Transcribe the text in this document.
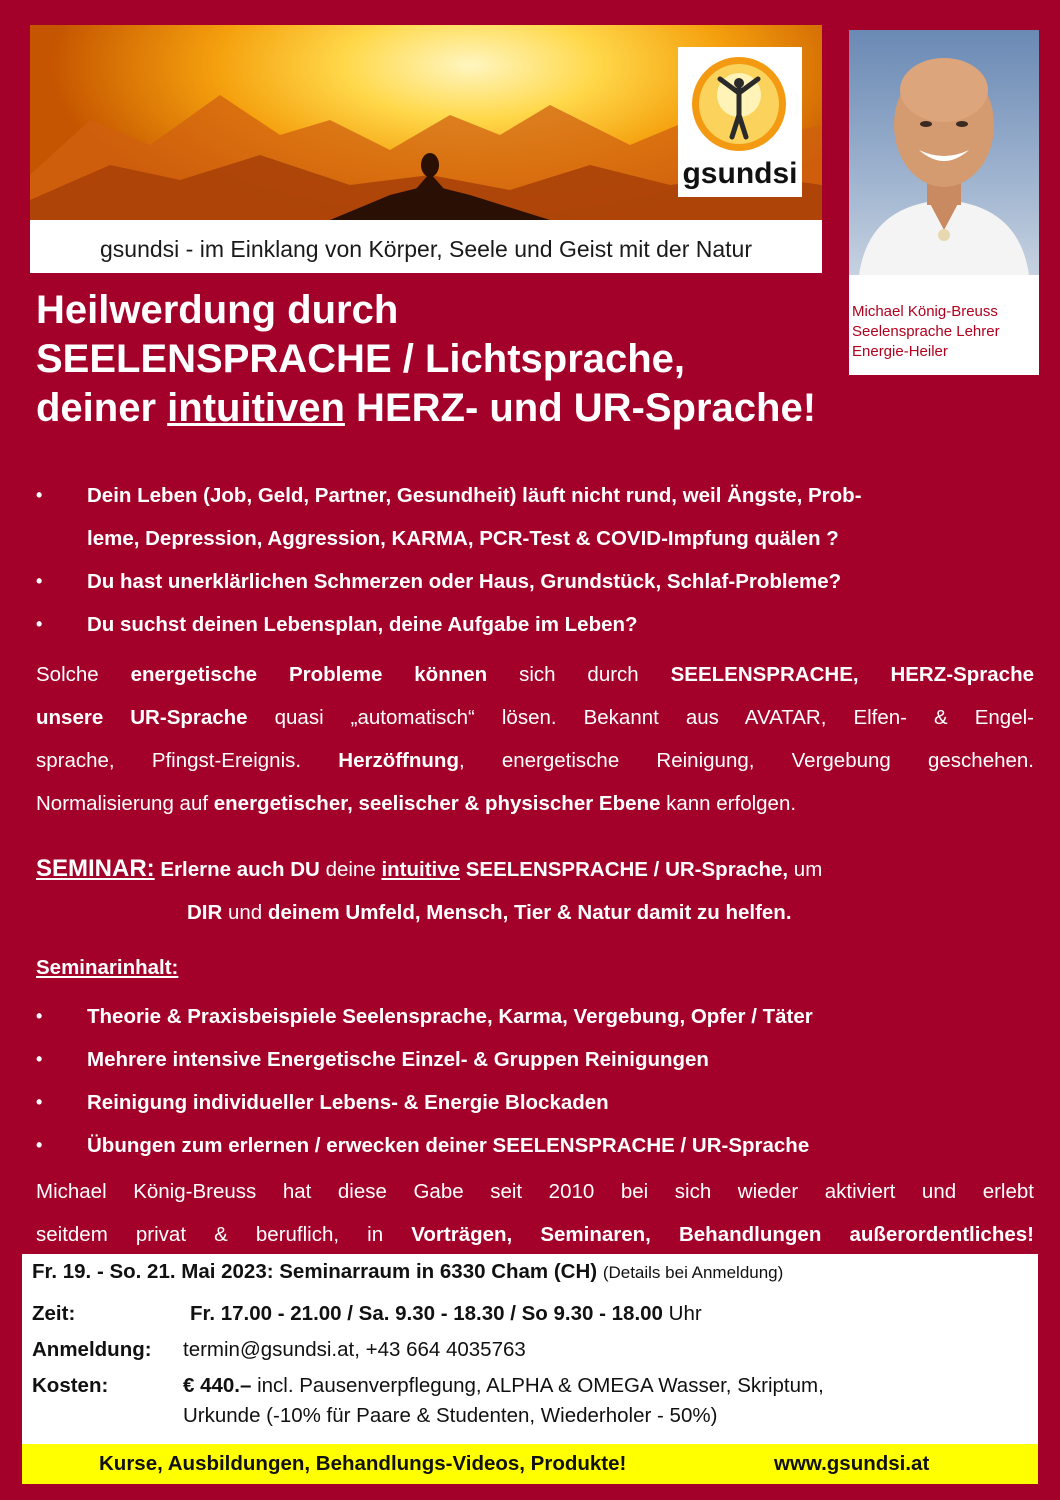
gsundsi
gsundsi - im Einklang von Körper, Seele und Geist mit der Natur
Michael König-Breuss
Seelensprache Lehrer
Energie-Heiler
Heilwerdung durch
SEELENSPRACHE / Lichtsprache,
deiner intuitiven HERZ- und UR-Sprache!
• Dein Leben (Job, Geld, Partner, Gesundheit) läuft nicht rund, weil Ängste, Prob-
leme, Depression, Aggression, KARMA, PCR-Test & COVID-Impfung quälen ?
• Du hast unerklärlichen Schmerzen oder Haus, Grundstück, Schlaf-Probleme?
• Du suchst deinen Lebensplan, deine Aufgabe im Leben?
Solche energetische Probleme können sich durch SEELENSPRACHE, HERZ-Sprache
unsere UR-Sprache quasi „automatisch“ lösen. Bekannt aus AVATAR, Elfen- & Engel-
sprache, Pfingst-Ereignis. Herzöffnung, energetische Reinigung, Vergebung geschehen.
Normalisierung auf energetischer, seelischer & physischer Ebene kann erfolgen.
SEMINAR: Erlerne auch DU deine intuitive SEELENSPRACHE / UR-Sprache, um
DIR und deinem Umfeld, Mensch, Tier & Natur damit zu helfen.
Seminarinhalt:
• Theorie & Praxisbeispiele Seelensprache, Karma, Vergebung, Opfer / Täter
• Mehrere intensive Energetische Einzel- & Gruppen Reinigungen
• Reinigung individueller Lebens- & Energie Blockaden
• Übungen zum erlernen / erwecken deiner SEELENSPRACHE / UR-Sprache
Michael König-Breuss hat diese Gabe seit 2010 bei sich wieder aktiviert und erlebt
seitdem privat & beruflich, in Vorträgen, Seminaren, Behandlungen außerordentliches!
Fr. 19. - So. 21. Mai 2023: Seminarraum in 6330 Cham (CH) (Details bei Anmeldung)
Zeit:	Fr. 17.00 - 21.00 / Sa. 9.30 - 18.30 / So 9.30 - 18.00 Uhr
Anmeldung: termin@gsundsi.at, +43 664 4035763
Kosten:	€ 440.– incl. Pausenverpflegung, ALPHA & OMEGA Wasser, Skriptum,
Urkunde (-10% für Paare & Studenten, Wiederholer - 50%)
Kurse, Ausbildungen, Behandlungs-Videos, Produkte!	www.gsundsi.at
